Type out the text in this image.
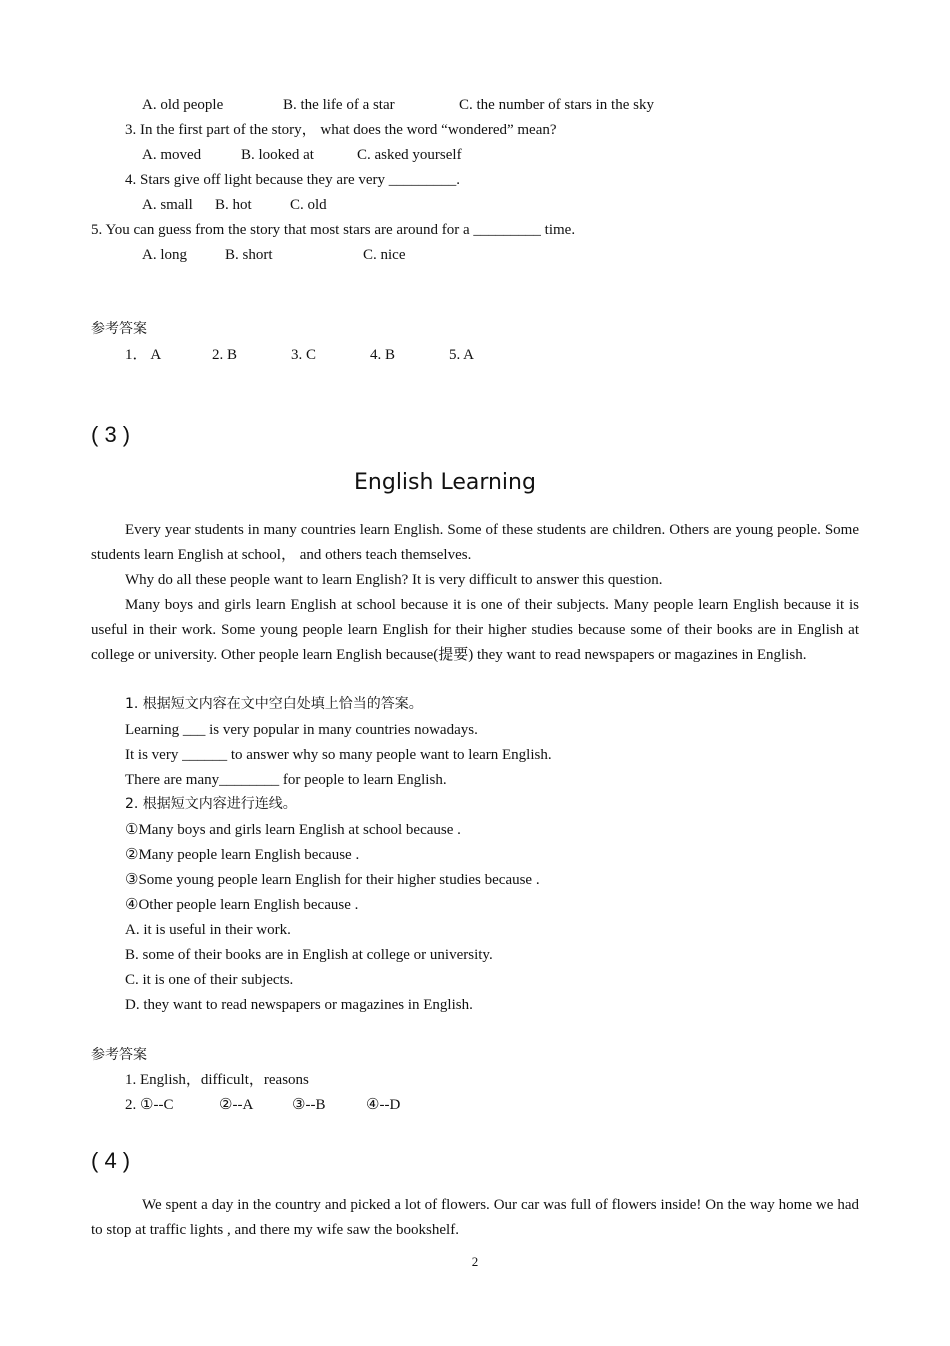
A. old people	B. the life of a star	C. the number of stars in the sky
3. In the first part of the story， what does the word “wondered” mean?
A. moved	B. looked at	C. asked yourself
4. Stars give off light because they are very _________.
A. small B. hot	C. old
5. You can guess from the story that most stars are around for a _________ time.
A. long	B. short	C. nice
参考答案
1． A	2. B	3. C	4. B	5. A
( 3 )
English Learning
Every year students in many countries learn English. Some of these students are children. Others are young people. Some students learn English at school， and others teach themselves.
Why do all these people want to learn English? It is very difficult to answer this question.
Many boys and girls learn English at school because it is one of their subjects. Many people learn English because it is useful in their work. Some young people learn English for their higher studies because some of their books are in English at college or university. Other people learn English because(提要) they want to read newspapers or magazines in English.
1. 根据短文内容在文中空白处填上恰当的答案。
Learning ___ is very popular in many countries nowadays.
It is very ______ to answer why so many people want to learn English.
There are many________ for people to learn English.
2. 根据短文内容进行连线。
①Many boys and girls learn English at school because .
②Many people learn English because .
③Some young people learn English for their higher studies because .
④Other people learn English because .
A. it is useful in their work.
B. some of their books are in English at college or university.
C. it is one of their subjects.
D. they want to read newspapers or magazines in English.
参考答案
1. English，difficult，reasons
2. ①--C	②--A	③--B	④--D
( 4 )
We spent a day in the country and picked a lot of flowers. Our car was full of flowers inside! On the way home we had to stop at traffic lights , and there my wife saw the bookshelf.
2
